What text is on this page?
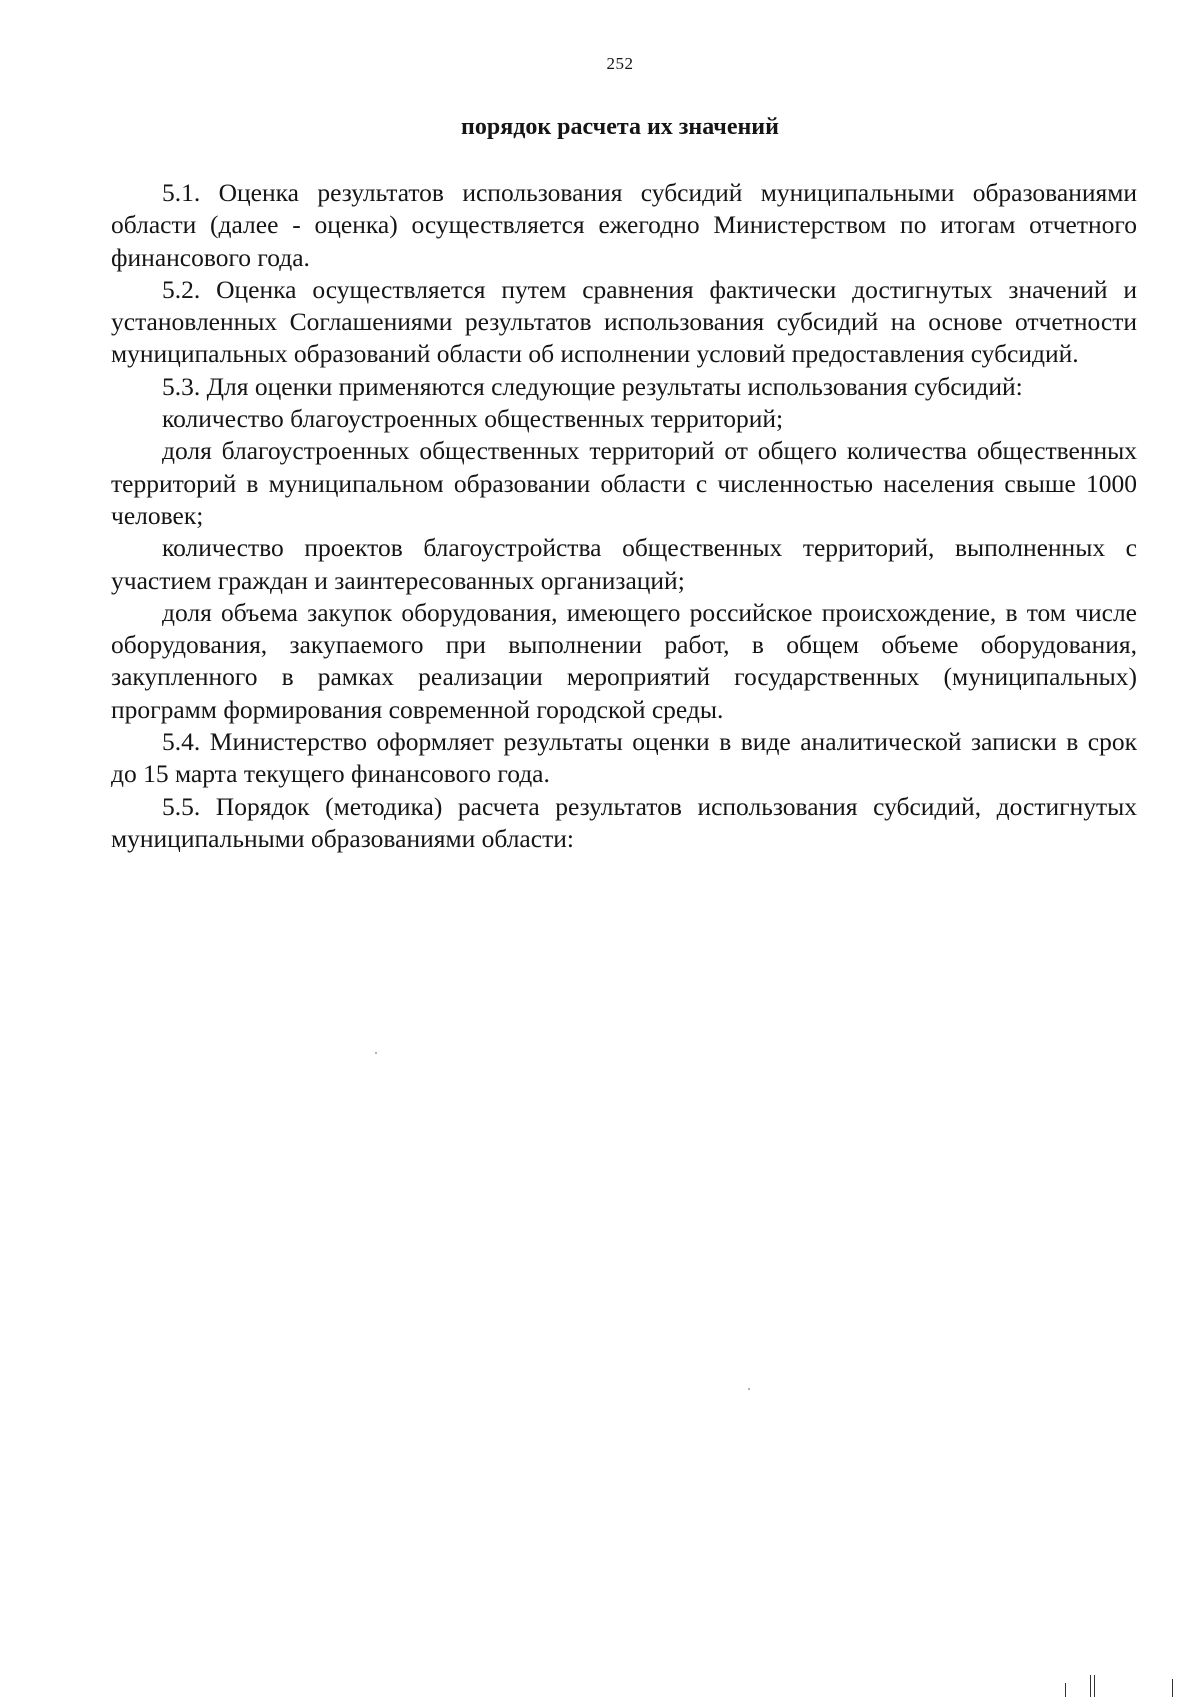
252
порядок расчета их значений

5.1. Оценка результатов использования субсидий муниципальными образованиями области (далее - оценка) осуществляется ежегодно Министерством по итогам отчетного финансового года.

5.2. Оценка осуществляется путем сравнения фактически достигнутых значений и установленных Соглашениями результатов использования субсидий на основе отчетности муниципальных образований области об исполнении условий предоставления субсидий.

5.3. Для оценки применяются следующие результаты использования субсидий:

количество благоустроенных общественных территорий;

доля благоустроенных общественных территорий от общего количества общественных территорий в муниципальном образовании области с численностью населения свыше 1000 человек;

количество проектов благоустройства общественных территорий, выполненных с участием граждан и заинтересованных организаций;

доля объема закупок оборудования, имеющего российское происхождение, в том числе оборудования, закупаемого при выполнении работ, в общем объеме оборудования, закупленного в рамках реализации мероприятий государственных (муниципальных) программ формирования современной городской среды.

5.4. Министерство оформляет результаты оценки в виде аналитической записки в срок до 15 марта текущего финансового года.

5.5. Порядок (методика) расчета результатов использования субсидий, достигнутых муниципальными образованиями области:
